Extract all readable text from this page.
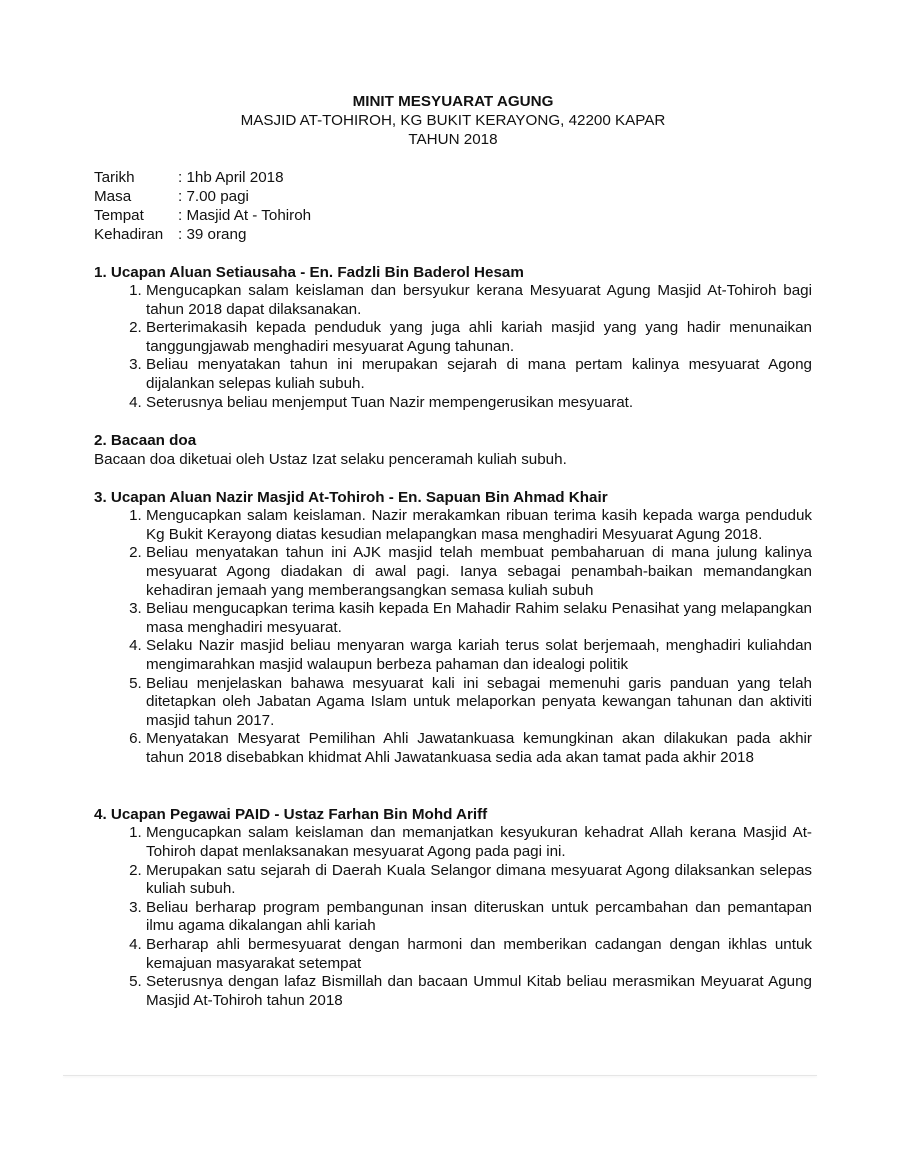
MINIT MESYUARAT AGUNG
MASJID AT-TOHIROH, KG BUKIT KERAYONG, 42200 KAPAR
TAHUN 2018
Tarikh	: 1hb April 2018
Masa	: 7.00 pagi
Tempat	: Masjid At - Tohiroh
Kehadiran : 39 orang
1. Ucapan Aluan Setiausaha - En. Fadzli Bin Baderol Hesam
1. Mengucapkan salam keislaman dan bersyukur kerana Mesyuarat Agung Masjid At-Tohiroh bagi tahun 2018 dapat dilaksanakan.
2. Berterimakasih kepada penduduk yang juga ahli kariah masjid yang yang hadir menunaikan tanggungjawab menghadiri mesyuarat Agung tahunan.
3. Beliau menyatakan tahun ini merupakan sejarah di mana pertam kalinya mesyuarat Agong dijalankan selepas kuliah subuh.
4. Seterusnya beliau menjemput Tuan Nazir mempengerusikan mesyuarat.
2. Bacaan doa

Bacaan doa diketuai oleh Ustaz Izat selaku penceramah kuliah subuh.

3. Ucapan Aluan Nazir Masjid At-Tohiroh - En. Sapuan Bin Ahmad Khair
1. Mengucapkan salam keislaman. Nazir merakamkan ribuan terima kasih kepada warga penduduk Kg Bukit Kerayong diatas kesudian melapangkan masa menghadiri Mesyuarat Agung 2018.
2. Beliau menyatakan tahun ini AJK masjid telah membuat pembaharuan di mana julung kalinya mesyuarat Agong diadakan di awal pagi. Ianya sebagai penambah-baikan memandangkan kehadiran jemaah yang memberangsangkan semasa kuliah subuh
3. Beliau mengucapkan terima kasih kepada En Mahadir Rahim selaku Penasihat yang melapangkan masa menghadiri mesyuarat.
4. Selaku Nazir masjid beliau menyaran warga kariah terus solat berjemaah, menghadiri kuliahdan mengimarahkan masjid walaupun berbeza pahaman dan idealogi politik
5. Beliau menjelaskan bahawa mesyuarat kali ini sebagai memenuhi garis panduan yang telah ditetapkan oleh Jabatan Agama Islam untuk melaporkan penyata kewangan tahunan dan aktiviti masjid tahun 2017.
6. Menyatakan Mesyarat Pemilihan Ahli Jawatankuasa kemungkinan akan dilakukan pada akhir tahun 2018 disebabkan khidmat Ahli Jawatankuasa sedia ada akan tamat pada akhir 2018
4. Ucapan Pegawai PAID - Ustaz Farhan Bin Mohd Ariff
1. Mengucapkan salam keislaman dan memanjatkan kesyukuran kehadrat Allah kerana Masjid At-Tohiroh dapat menlaksanakan mesyuarat Agong pada pagi ini.
2. Merupakan satu sejarah di Daerah Kuala Selangor dimana mesyuarat Agong dilaksankan selepas kuliah subuh.
3. Beliau berharap program pembangunan insan diteruskan untuk percambahan dan pemantapan ilmu agama dikalangan ahli kariah
4. Berharap ahli bermesyuarat dengan harmoni dan memberikan cadangan dengan ikhlas untuk kemajuan masyarakat setempat
5. Seterusnya dengan lafaz Bismillah dan bacaan Ummul Kitab beliau merasmikan Meyuarat Agung Masjid At-Tohiroh tahun 2018
